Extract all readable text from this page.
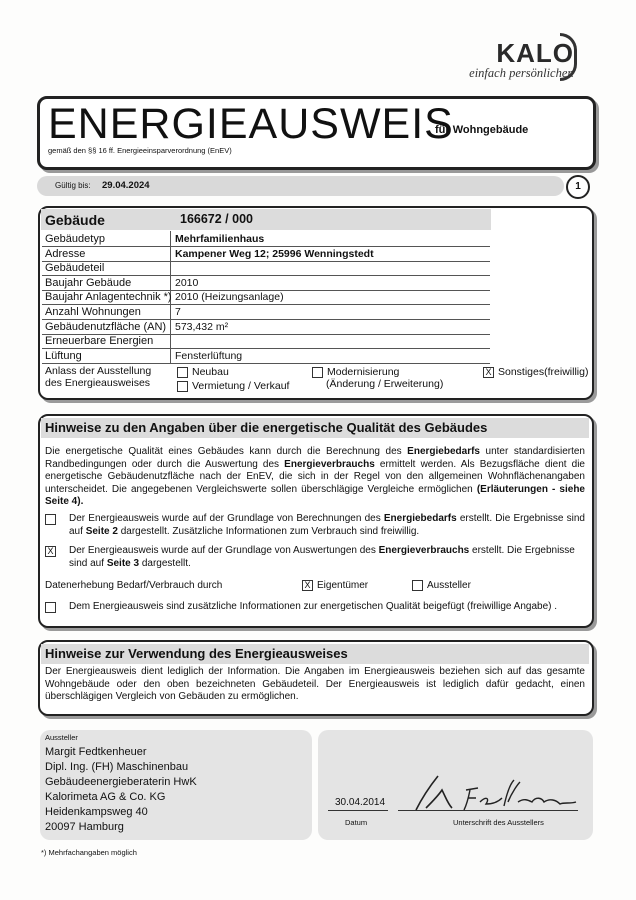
KALO
einfach persönlicher.
ENERGIEAUSWEIS
für Wohngebäude
gemäß den §§ 16 ff. Energieeinsparverordnung (EnEV)
Gültig bis: 29.04.2024	1
Gebäude	166672 / 000
Gebäudetyp	Mehrfamilienhaus
Adresse	Kampener Weg 12; 25996 Wenningstedt
Gebäudeteil
Baujahr Gebäude	2010
Baujahr Anlagentechnik *) 2010 (Heizungsanlage)
Anzahl Wohnungen	7
Gebäudenutzfläche (AN) 573,432 m²
Erneuerbare Energien
Lüftung	Fensterlüftung
Anlass der Ausstellung
des Energieausweises
Neubau
Vermietung / Verkauf
Modernisierung
(Änderung / Erweiterung)
X Sonstiges(freiwillig)
Hinweise zu den Angaben über die energetische Qualität des Gebäudes
Die energetische Qualität eines Gebäudes kann durch die Berechnung des Energiebedarfs unter standardisierten Randbedingungen oder durch die Auswertung des Energieverbrauchs ermittelt werden. Als Bezugsfläche dient die energetische Gebäudenutzfläche nach der EnEV, die sich in der Regel von den allgemeinen Wohnflächenangaben unterscheidet. Die angegebenen Vergleichswerte sollen überschlägige Vergleiche ermöglichen (Erläuterungen - siehe Seite 4).
Der Energieausweis wurde auf der Grundlage von Berechnungen des Energiebedarfs erstellt. Die Ergebnisse sind auf Seite 2 dargestellt. Zusätzliche Informationen zum Verbrauch sind freiwillig.
X Der Energieausweis wurde auf der Grundlage von Auswertungen des Energieverbrauchs erstellt. Die Ergebnisse sind auf Seite 3 dargestellt.
Datenerhebung Bedarf/Verbrauch durch	X Eigentümer	Aussteller
Dem Energieausweis sind zusätzliche Informationen zur energetischen Qualität beigefügt (freiwillige Angabe) .
Hinweise zur Verwendung des Energieausweises
Der Energieausweis dient lediglich der Information. Die Angaben im Energieausweis beziehen sich auf das gesamte Wohngebäude oder den oben bezeichneten Gebäudeteil. Der Energieausweis ist lediglich dafür gedacht, einen überschlägigen Vergleich von Gebäuden zu ermöglichen.
Aussteller
Margit Fedtkenheuer
Dipl. Ing. (FH) Maschinenbau
Gebäudeenergieberaterin HwK
Kalorimeta AG & Co. KG
Heidenkampsweg 40
20097 Hamburg
30.04.2014
Datum	Unterschrift des Ausstellers
*) Mehrfachangaben möglich
